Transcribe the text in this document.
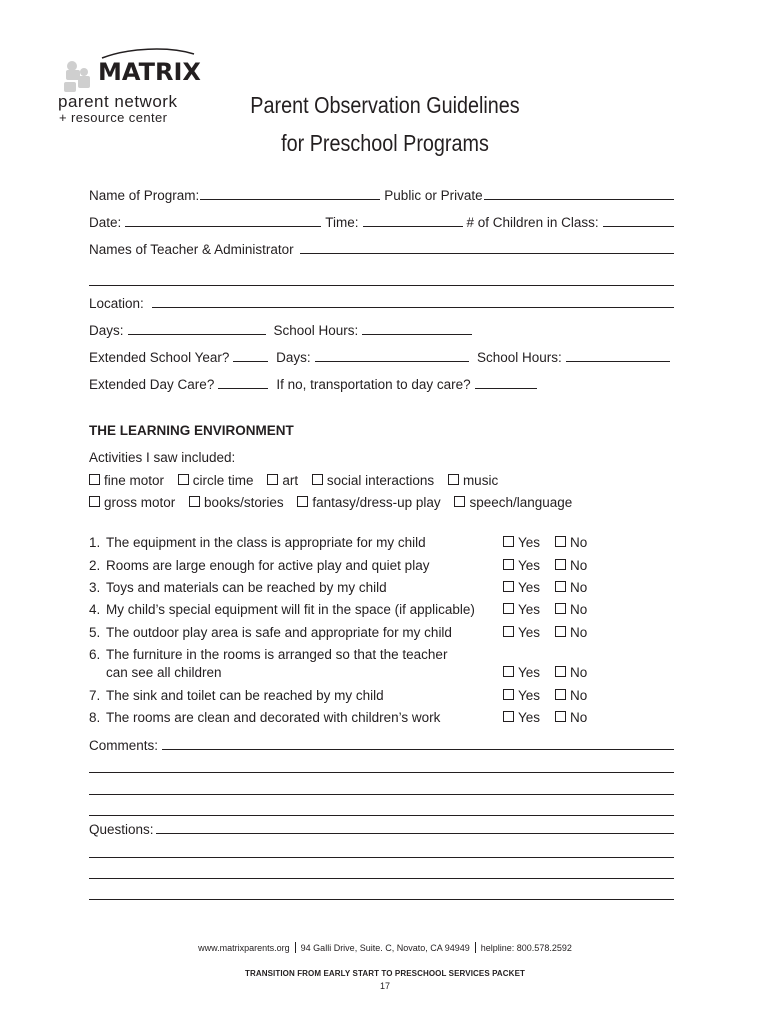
MATRIX
parent network
+ resource center	Parent Observation Guidelines
for Preschool Programs
Name of Program:	Public or Private
Date:	Time:	# of Children in Class:
Names of Teacher & Administrator
Location:
Days:	School Hours:
Extended School Year?	Days:	School Hours:
Extended Day Care?	If no, transportation to day care?
THE LEARNING ENVIRONMENT
Activities I saw included:
fine motor circle time art social interactions music
gross motor books/stories fantasy/dress-up play speech/language
1. The equipment in the class is appropriate for my child	Yes	No
2. Rooms are large enough for active play and quiet play	Yes	No
3. Toys and materials can be reached by my child	Yes	No
4. My child’s special equipment will fit in the space (if applicable)	Yes	No
5. The outdoor play area is safe and appropriate for my child	Yes	No
6. The furniture in the rooms is arranged so that the teacher
can see all children	Yes	No
7. The sink and toilet can be reached by my child	Yes	No
8. The rooms are clean and decorated with children’s work	Yes	No
Comments:
Questions:
www.matrixparents.org 94 Galli Drive, Suite. C, Novato, CA 94949 helpline: 800.578.2592
TRANSITION FROM EARLY START TO PRESCHOOL SERVICES PACKET
17
